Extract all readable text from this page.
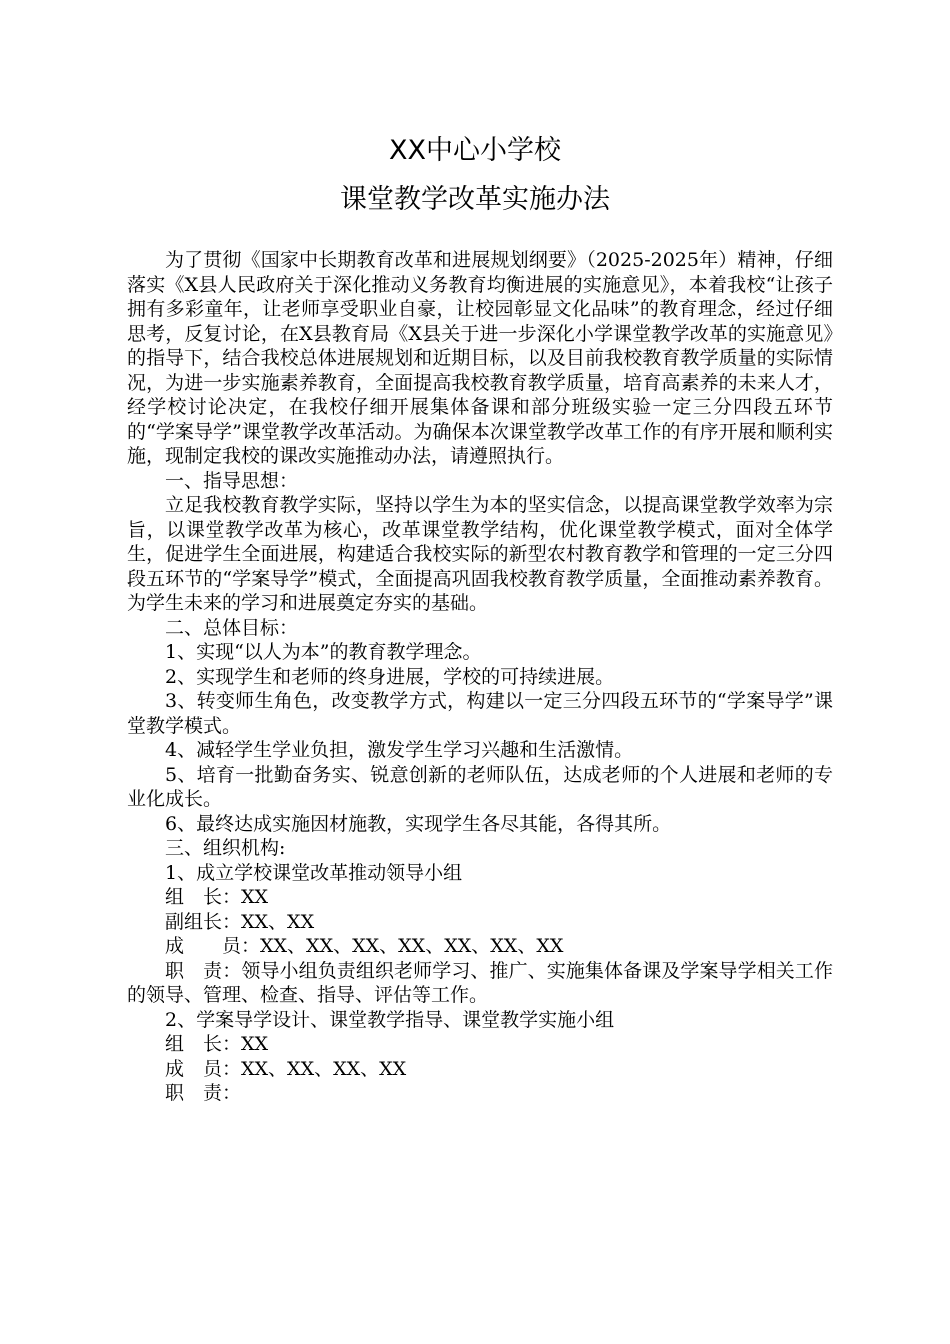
XX中心小学校
课堂教学改革实施办法

为了贯彻《国家中长期教育改革和进展规划纲要》（2025-2025年）精神，仔细落实《X县人民政府关于深化推动义务教育均衡进展的实施意见》，本着我校“让孩子拥有多彩童年，让老师享受职业自豪，让校园彰显文化品味”的教育理念，经过仔细思考，反复讨论，在X县教育局《X县关于进一步深化小学课堂教学改革的实施意见》的指导下，结合我校总体进展规划和近期目标，以及目前我校教育教学质量的实际情况，为进一步实施素养教育，全面提高我校教育教学质量，培育高素养的未来人才，经学校讨论决定，在我校仔细开展集体备课和部分班级实验一定三分四段五环节的“学案导学”课堂教学改革活动。为确保本次课堂教学改革工作的有序开展和顺利实施，现制定我校的课改实施推动办法，请遵照执行。

一、指导思想：

立足我校教育教学实际，坚持以学生为本的坚实信念，以提高课堂教学效率为宗旨，以课堂教学改革为核心，改革课堂教学结构，优化课堂教学模式，面对全体学生，促进学生全面进展，构建适合我校实际的新型农村教育教学和管理的一定三分四段五环节的“学案导学”模式，全面提高巩固我校教育教学质量，全面推动素养教育。为学生未来的学习和进展奠定夯实的基础。

二、总体目标：

1、实现“以人为本”的教育教学理念。

2、实现学生和老师的终身进展，学校的可持续进展。

3、转变师生角色，改变教学方式，构建以一定三分四段五环节的“学案导学”课堂教学模式。

4、减轻学生学业负担，激发学生学习兴趣和生活激情。

5、培育一批勤奋务实、锐意创新的老师队伍，达成老师的个人进展和老师的专业化成长。

6、最终达成实施因材施教，实现学生各尽其能，各得其所。

三、组织机构:

1、成立学校课堂改革推动领导小组

组　长：XX

副组长：XX、XX

成　　员：XX、XX、XX、XX、XX、XX、XX

职　责：领导小组负责组织老师学习、推广、实施集体备课及学案导学相关工作的领导、管理、检查、指导、评估等工作。

2、学案导学设计、课堂教学指导、课堂教学实施小组

组　长：XX

成　员：XX、XX、XX、XX

职　责：
